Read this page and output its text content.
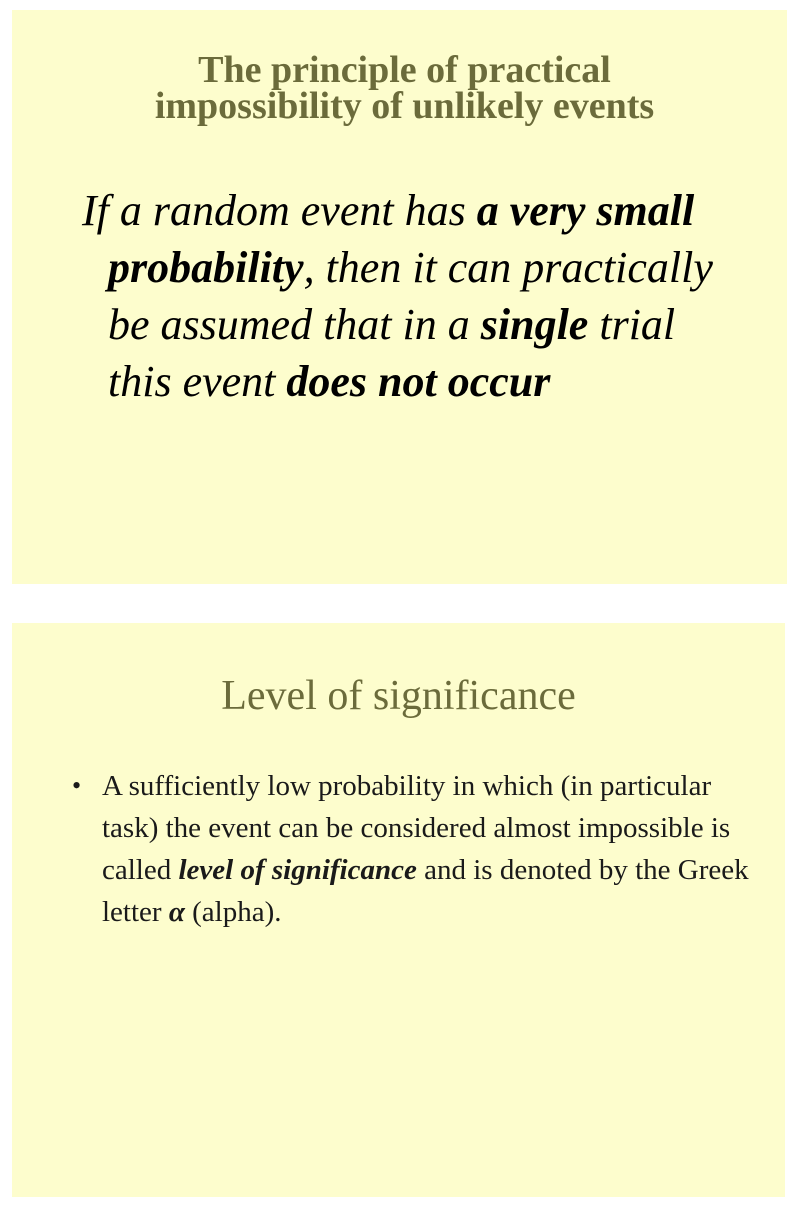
The principle of practical
impossibility of unlikely events
If a random event has a very small
probability, then it can practically
be assumed that in a single trial
this event does not occur
Level of significance
• A sufficiently low probability in which (in particular task) the event can be considered almost impossible is called level of significance and is denoted by the Greek letter α (alpha).
